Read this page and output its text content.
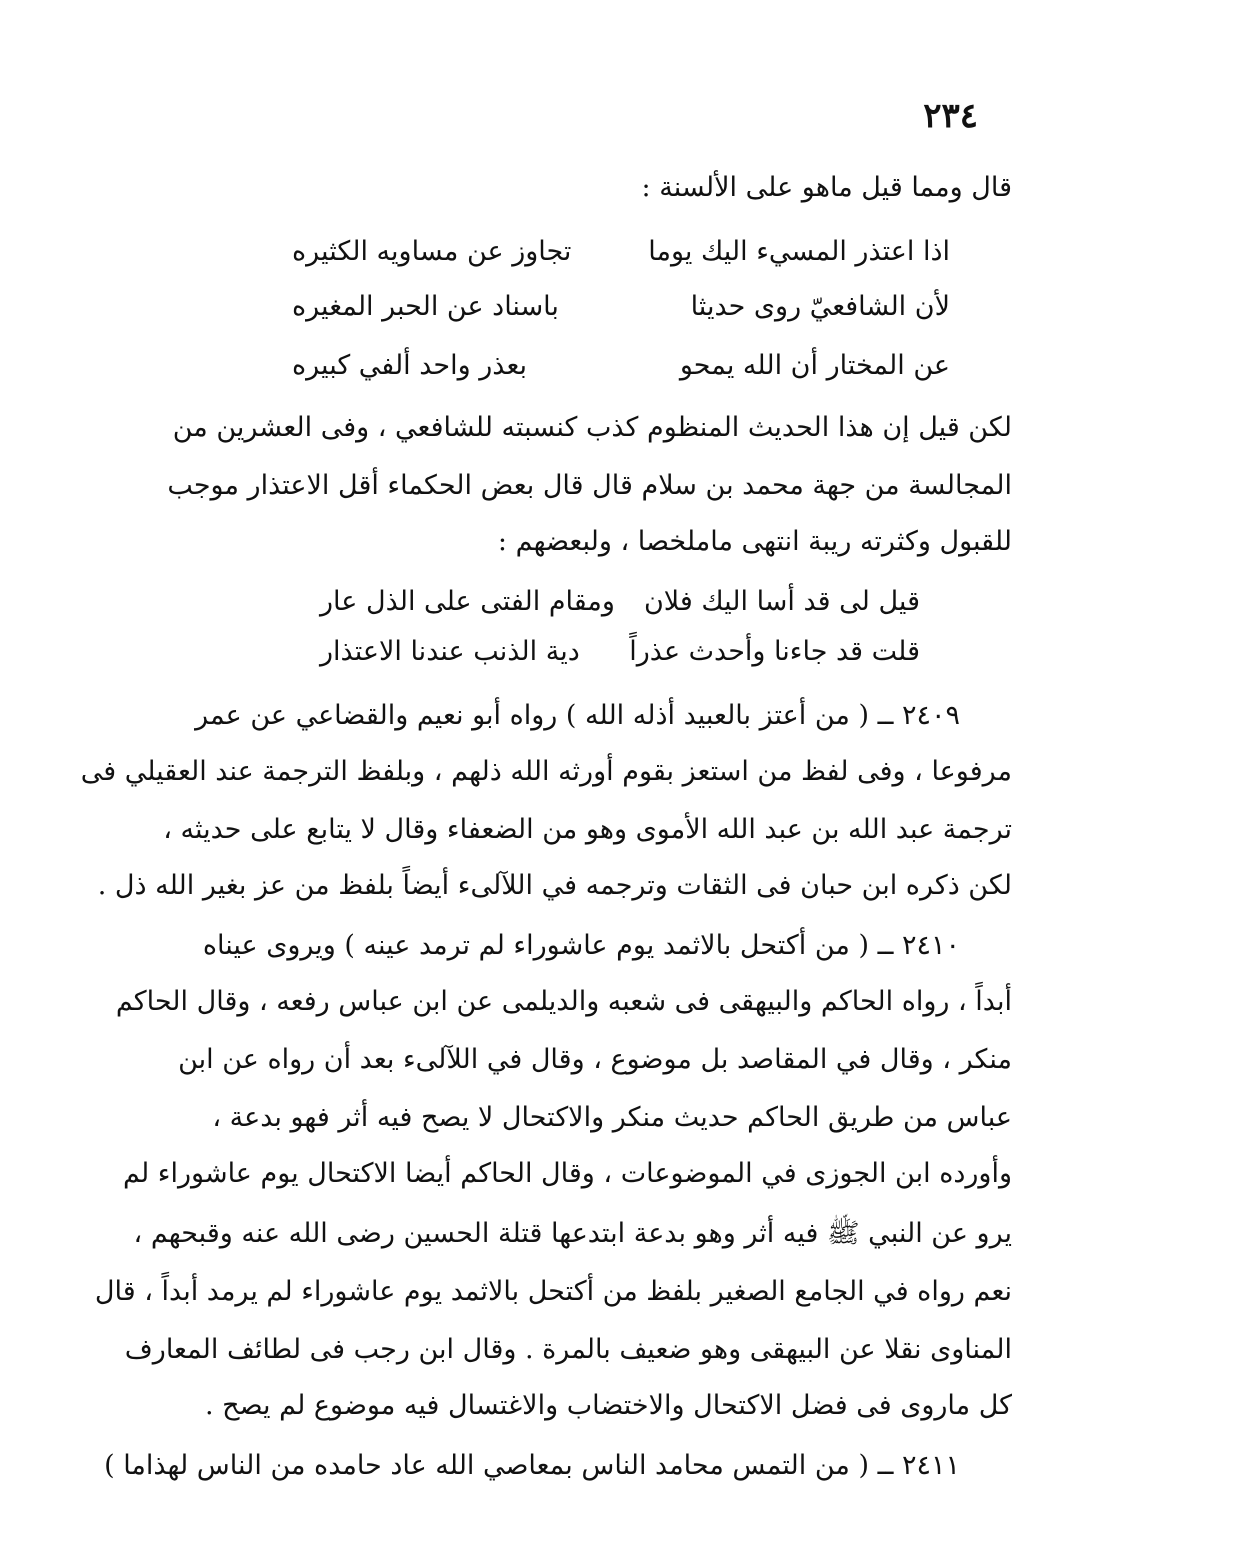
٢٣٤
قال ومما قيل ماهو على الألسنة :
اذا اعتذر المسيء اليك يوما
تجاوز عن مساويه الكثيره
لأن الشافعيّ روى حديثا
باسناد عن الحبر المغيره
عن المختار أن الله يمحو
بعذر واحد ألفي كبيره
لكن قيل إن هذا الحديث المنظوم كذب كنسبته للشافعي ، وفى العشرين من
المجالسة من جهة محمد بن سلام قال قال بعض الحكماء أقل الاعتذار موجب
للقبول وكثرته ريبة انتهى ماملخصا ، ولبعضهم :
قيل لى قد أسا اليك فلان
ومقام الفتى على الذل عار
قلت قد جاءنا وأحدث عذراً
دية الذنب عندنا الاعتذار
٢٤٠٩ ــ ( من أعتز بالعبيد أذله الله ) رواه أبو نعيم والقضاعي عن عمر
مرفوعا ، وفى لفظ من استعز بقوم أورثه الله ذلهم ، وبلفظ الترجمة عند العقيلي فى
ترجمة عبد الله بن عبد الله الأموى وهو من الضعفاء وقال لا يتابع على حديثه ،
لكن ذكره ابن حبان فى الثقات وترجمه في اللآلىء أيضاً بلفظ من عز بغير الله ذل .
٢٤١٠ ــ ( من أكتحل بالاثمد يوم عاشوراء لم ترمد عينه ) ويروى عيناه
أبداً ، رواه الحاكم والبيهقى فى شعبه والديلمى عن ابن عباس رفعه ، وقال الحاكم
منكر ، وقال في المقاصد بل موضوع ، وقال في اللآلىء بعد أن رواه عن ابن
عباس من طريق الحاكم حديث منكر والاكتحال لا يصح فيه أثر فهو بدعة ،
وأورده ابن الجوزى في الموضوعات ، وقال الحاكم أيضا الاكتحال يوم عاشوراء لم
يرو عن النبي ﷺ فيه أثر وهو بدعة ابتدعها قتلة الحسين رضى الله عنه وقبحهم ،
نعم رواه في الجامع الصغير بلفظ من أكتحل بالاثمد يوم عاشوراء لم يرمد أبداً ، قال
المناوى نقلا عن البيهقى وهو ضعيف بالمرة . وقال ابن رجب فى لطائف المعارف
كل ماروى فى فضل الاكتحال والاختضاب والاغتسال فيه موضوع لم يصح .
٢٤١١ ــ ( من التمس محامد الناس بمعاصي الله عاد حامده من الناس لهذاما )
